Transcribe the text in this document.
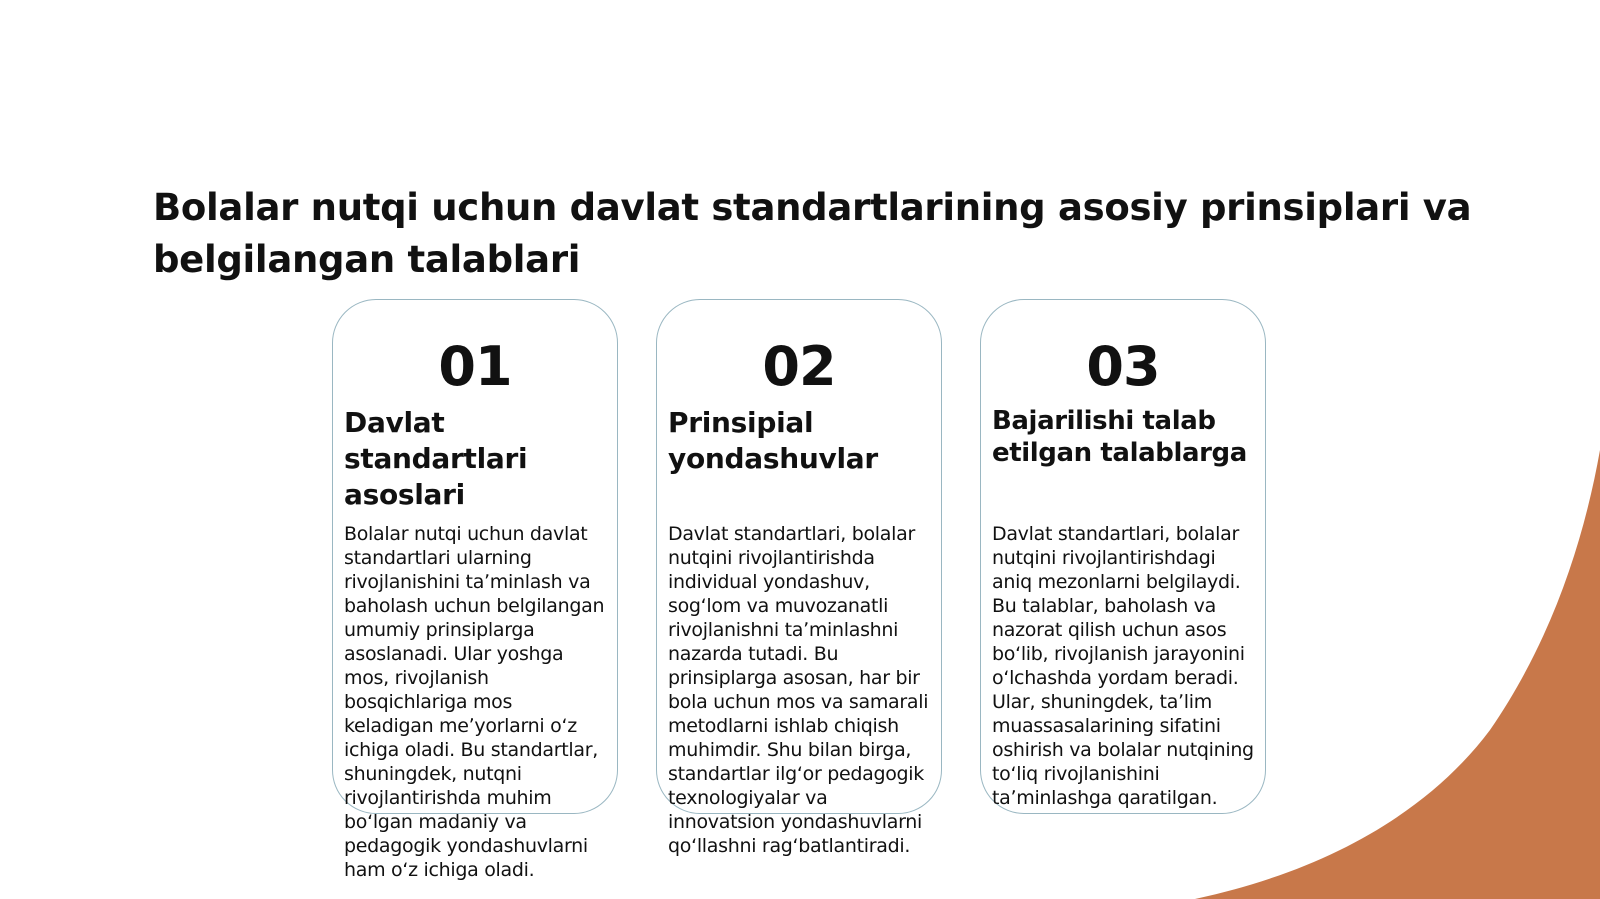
Bolalar nutqi uchun davlat standartlarining asosiy prinsiplari va belgilangan talablari
01
Davlat standartlari asoslari

Bolalar nutqi uchun davlat standartlari ularning rivojlanishini taʼminlash va baholash uchun belgilangan umumiy prinsiplarga asoslanadi. Ular yoshga mos, rivojlanish bosqichlariga mos keladigan meʼyorlarni oʻz ichiga oladi. Bu standartlar, shuningdek, nutqni rivojlantirishda muhim boʻlgan madaniy va pedagogik yondashuvlarni ham oʻz ichiga oladi.

02
Prinsipial yondashuvlar

Davlat standartlari, bolalar nutqini rivojlantirishda individual yondashuv, sogʻlom va muvozanatli rivojlanishni taʼminlashni nazarda tutadi. Bu prinsiplarga asosan, har bir bola uchun mos va samarali metodlarni ishlab chiqish muhimdir. Shu bilan birga, standartlar ilgʻor pedagogik texnologiyalar va innovatsion yondashuvlarni qoʻllashni ragʻbatlantiradi.

03
Bajarilishi talab etilgan talablarga

Davlat standartlari, bolalar nutqini rivojlantirishdagi aniq mezonlarni belgilaydi. Bu talablar, baholash va nazorat qilish uchun asos boʻlib, rivojlanish jarayonini oʻlchashda yordam beradi. Ular, shuningdek, taʼlim muassasalarining sifatini oshirish va bolalar nutqining toʻliq rivojlanishini taʼminlashga qaratilgan.
